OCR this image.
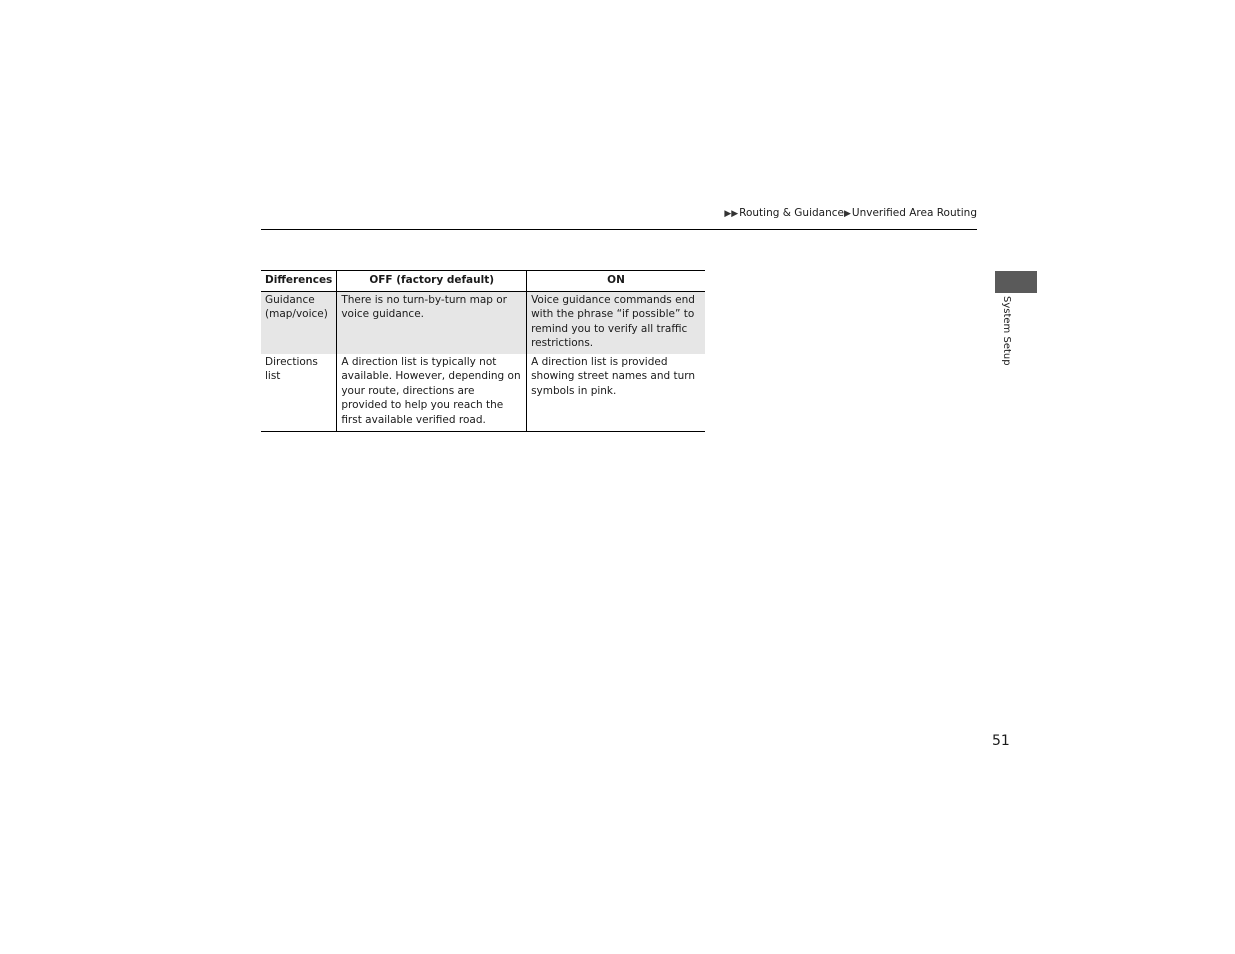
▶▶Routing & Guidance▶Unverified Area Routing
System Setup
Differences	OFF (factory default)	ON
Guidance (map/voice)	There is no turn-by-turn map or voice guidance.	Voice guidance commands end with the phrase “if possible” to remind you to verify all traffic restrictions.
Directions list	A direction list is typically not available. However, depending on your route, directions are provided to help you reach the first available verified road.	A direction list is provided showing street names and turn symbols in pink.
51
